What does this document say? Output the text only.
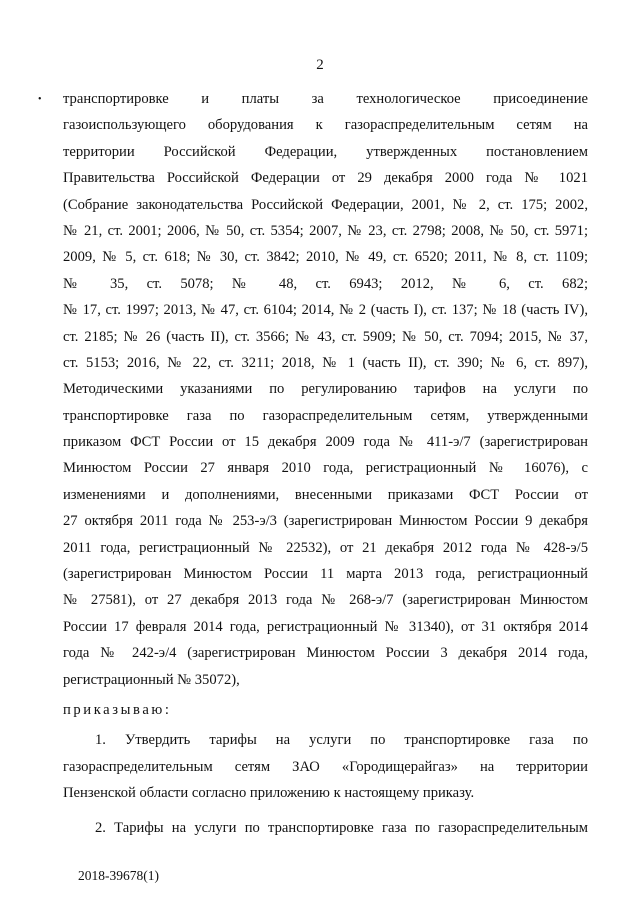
2
• транспортировке и платы за технологическое присоединение
газоиспользующего оборудования к газораспределительным сетям на
территории Российской Федерации, утвержденных постановлением
Правительства Российской Федерации от 29 декабря 2000 года № 1021
(Собрание законодательства Российской Федерации, 2001, № 2, ст. 175; 2002,
№ 21, ст. 2001; 2006, № 50, ст. 5354; 2007, № 23, ст. 2798; 2008, № 50, ст. 5971;
2009, № 5, ст. 618; № 30, ст. 3842; 2010, № 49, ст. 6520; 2011, № 8, ст. 1109;
№ 35, ст. 5078; № 48, ст. 6943; 2012, № 6, ст. 682;
№ 17, ст. 1997; 2013, № 47, ст. 6104; 2014, № 2 (часть I), ст. 137; № 18 (часть IV),
ст. 2185; № 26 (часть II), ст. 3566; № 43, ст. 5909; № 50, ст. 7094; 2015, № 37,
ст. 5153; 2016, № 22, ст. 3211; 2018, № 1 (часть II), ст. 390; № 6, ст. 897),
Методическими указаниями по регулированию тарифов на услуги по
транспортировке газа по газораспределительным сетям, утвержденными
приказом ФСТ России от 15 декабря 2009 года № 411-э/7 (зарегистрирован
Минюстом России 27 января 2010 года, регистрационный № 16076), с
изменениями и дополнениями, внесенными приказами ФСТ России от
27 октября 2011 года № 253-э/3 (зарегистрирован Минюстом России 9 декабря
2011 года, регистрационный № 22532), от 21 декабря 2012 года № 428-э/5
(зарегистрирован Минюстом России 11 марта 2013 года, регистрационный
№ 27581), от 27 декабря 2013 года № 268-э/7 (зарегистрирован Минюстом
России 17 февраля 2014 года, регистрационный № 31340), от 31 октября 2014
года № 242-э/4 (зарегистрирован Минюстом России 3 декабря 2014 года,
регистрационный № 35072),
приказываю:
1. Утвердить тарифы на услуги по транспортировке газа по
газораспределительным сетям ЗАО «Городищерайгаз» на территории
Пензенской области согласно приложению к настоящему приказу.
2. Тарифы на услуги по транспортировке газа по газораспределительным
2018-39678(1)
